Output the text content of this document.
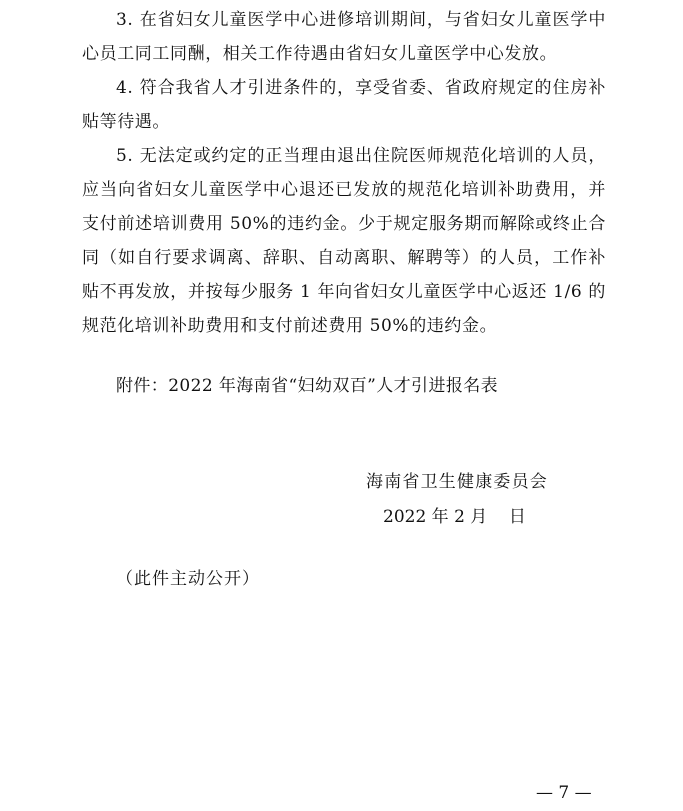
3. 在省妇女儿童医学中心进修培训期间，与省妇女儿童医学中心员工同工同酬，相关工作待遇由省妇女儿童医学中心发放。

4. 符合我省人才引进条件的，享受省委、省政府规定的住房补贴等待遇。

5. 无法定或约定的正当理由退出住院医师规范化培训的人员，应当向省妇女儿童医学中心退还已发放的规范化培训补助费用，并支付前述培训费用 50%的违约金。少于规定服务期而解除或终止合同（如自行要求调离、辞职、自动离职、解聘等）的人员，工作补贴不再发放，并按每少服务 1 年向省妇女儿童医学中心返还 1/6 的规范化培训补助费用和支付前述费用 50%的违约金。

附件：2022 年海南省“妇幼双百”人才引进报名表
海南省卫生健康委员会
2022 年 2 月    日
（此件主动公开）
— 7 —
